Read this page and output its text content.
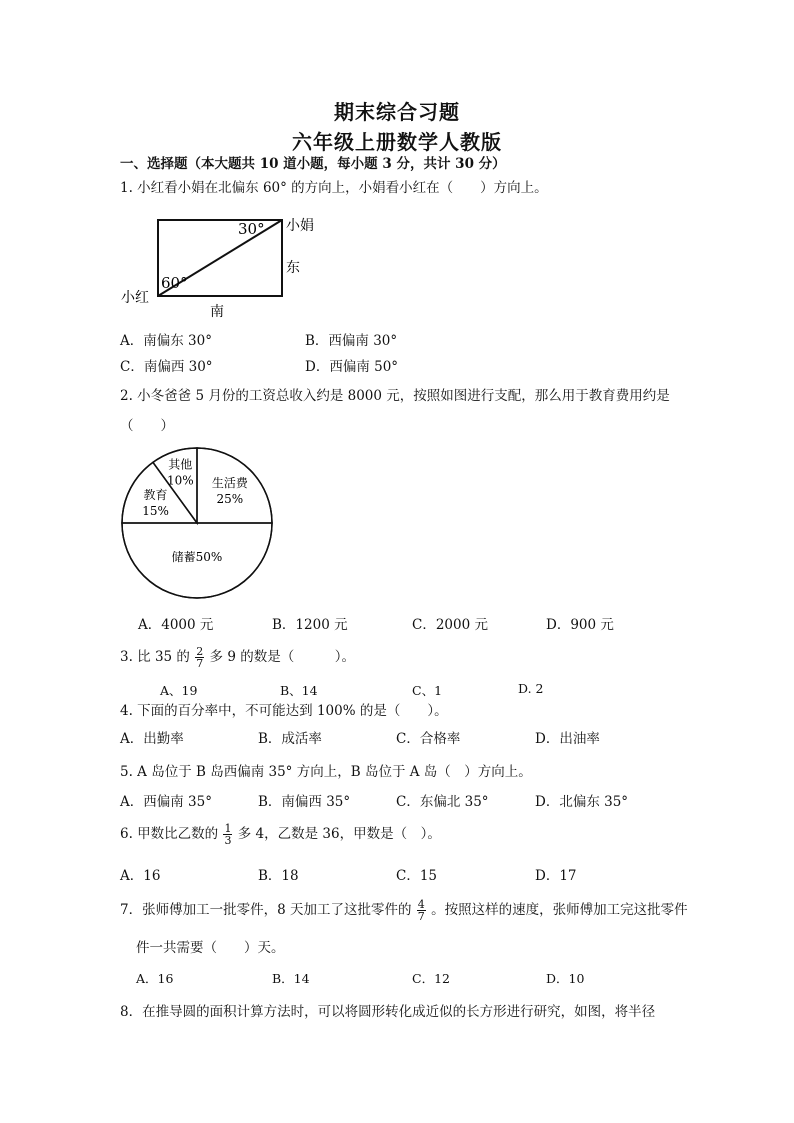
期末综合习题
六年级上册数学人教版
一、选择题（本大题共 10 道小题，每小题 3 分，共计 30 分）
1. 小红看小娟在北偏东 60° 的方向上，小娟看小红在（　　）方向上。
30°
60°
小娟
小红
东
南
A．南偏东 30°	B．西偏南 30°
C．南偏西 30°	D．西偏南 50°
2. 小冬爸爸 5 月份的工资总收入约是 8000 元，按照如图进行支配，那么用于教育费用约是
（　　）
生活费
25%
储蓄50%
教育
15%
其他
10%
A．4000 元	B．1200 元	C．2000 元	D．900 元
3. 比 35 的 $\frac{2}{7}$ 多 9 的数是（　　　）。
A、19	B、14	C、1	D. 2
4. 下面的百分率中，不可能达到 100% 的是（　　）。
A．出勤率	B．成活率	C．合格率	D．出油率
5. A 岛位于 B 岛西偏南 35° 方向上，B 岛位于 A 岛（　）方向上。
A．西偏南 35°	B．南偏西 35°	C．东偏北 35°	D．北偏东 35°
6. 甲数比乙数的 $\frac{1}{3}$ 多 4，乙数是 36，甲数是（　）。
A．16	B．18	C．15	D．17
7．张师傅加工一批零件，8 天加工了这批零件的 $\frac{4}{7}$ 。按照这样的速度，张师傅加工完这批零件
件一共需要（　　）天。
A．16	B．14	C．12	D．10
8．在推导圆的面积计算方法时，可以将圆形转化成近似的长方形进行研究，如图，将半径
